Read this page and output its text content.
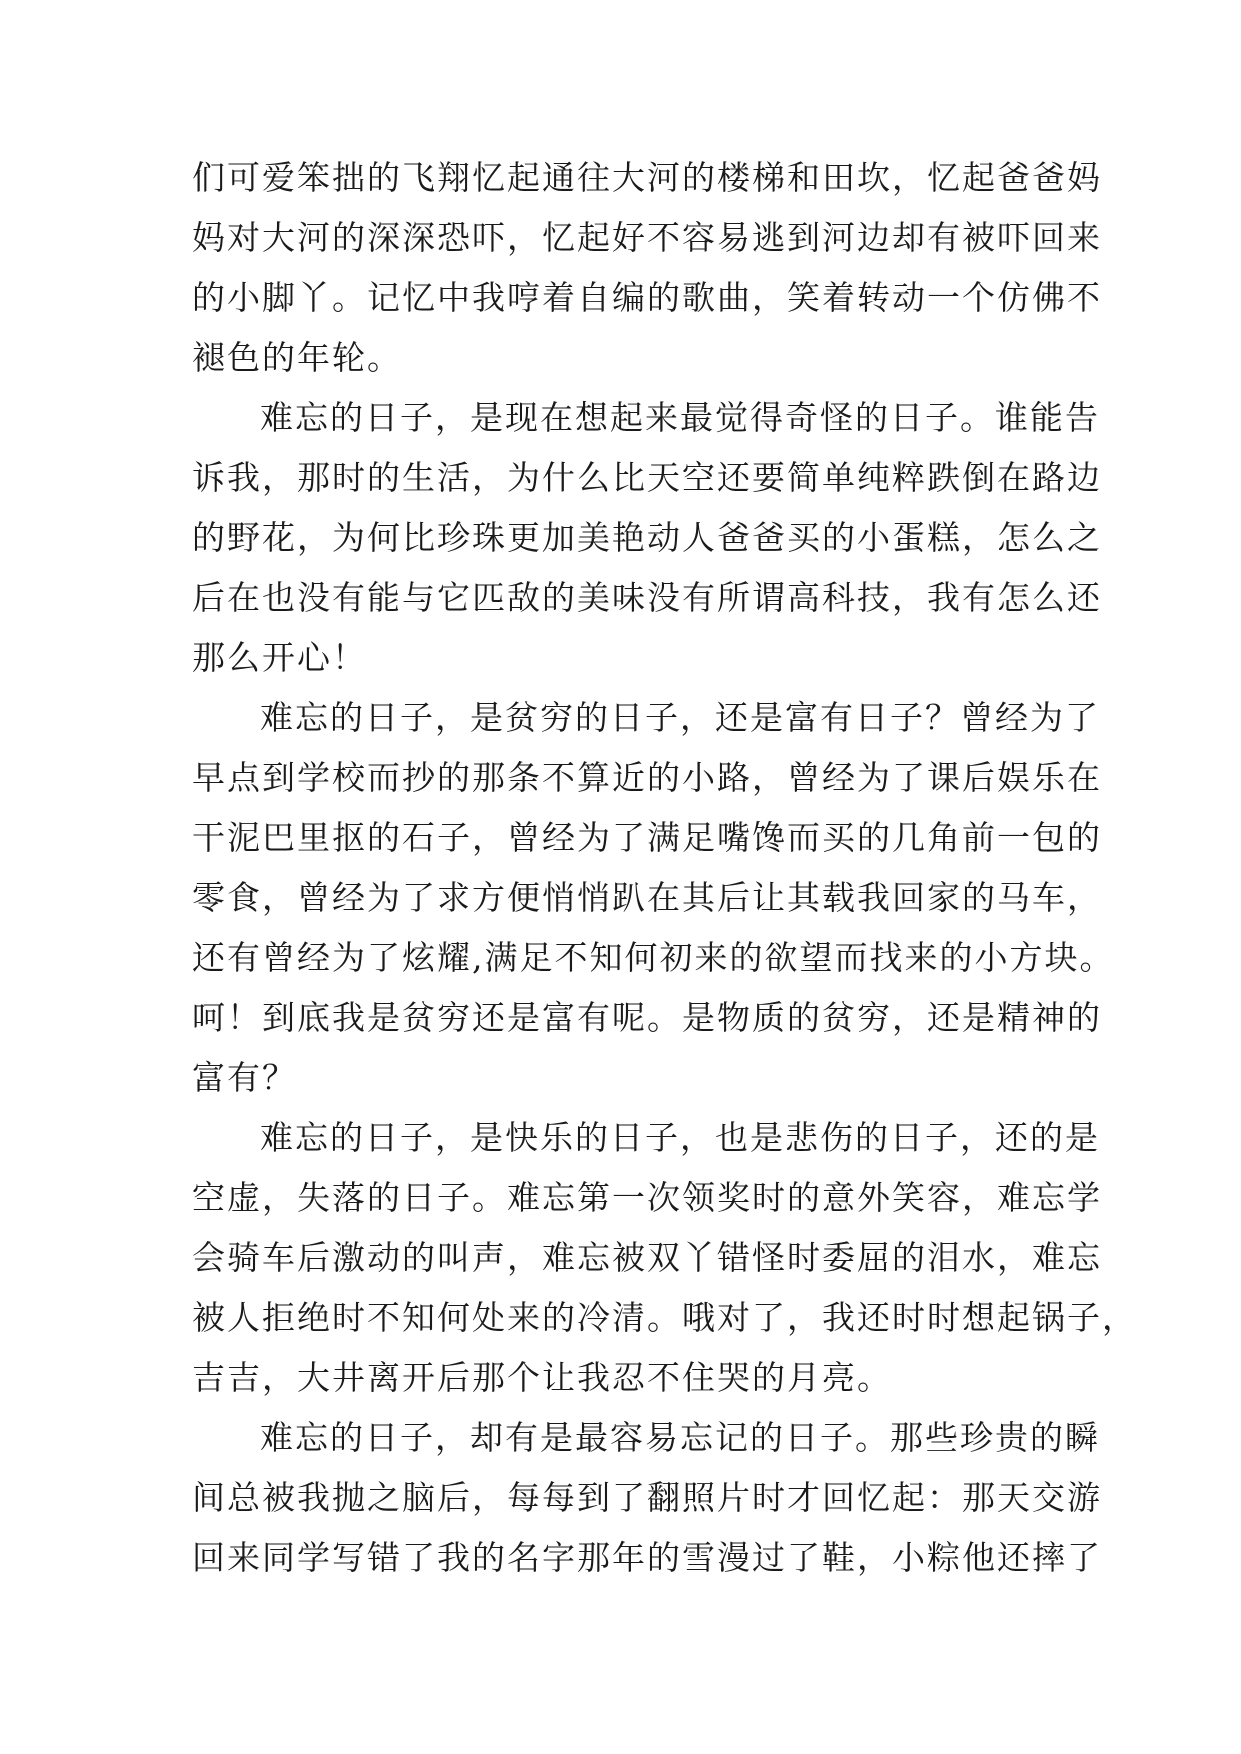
们可爱笨拙的飞翔忆起通往大河的楼梯和田坎，忆起爸爸妈
妈对大河的深深恐吓，忆起好不容易逃到河边却有被吓回来
的小脚丫。记忆中我哼着自编的歌曲，笑着转动一个仿佛不
褪色的年轮。
难忘的日子，是现在想起来最觉得奇怪的日子。谁能告
诉我，那时的生活，为什么比天空还要简单纯粹跌倒在路边
的野花，为何比珍珠更加美艳动人爸爸买的小蛋糕，怎么之
后在也没有能与它匹敌的美味没有所谓高科技，我有怎么还
那么开心！
难忘的日子，是贫穷的日子，还是富有日子？曾经为了
早点到学校而抄的那条不算近的小路，曾经为了课后娱乐在
干泥巴里抠的石子，曾经为了满足嘴馋而买的几角前一包的
零食，曾经为了求方便悄悄趴在其后让其载我回家的马车，
还有曾经为了炫耀,满足不知何初来的欲望而找来的小方块。
呵！到底我是贫穷还是富有呢。是物质的贫穷，还是精神的
富有？
难忘的日子，是快乐的日子，也是悲伤的日子，还的是
空虚，失落的日子。难忘第一次领奖时的意外笑容，难忘学
会骑车后激动的叫声，难忘被双丫错怪时委屈的泪水，难忘
被人拒绝时不知何处来的冷清。哦对了，我还时时想起锅子，
吉吉，大井离开后那个让我忍不住哭的月亮。
难忘的日子，却有是最容易忘记的日子。那些珍贵的瞬
间总被我抛之脑后，每每到了翻照片时才回忆起：那天交游
回来同学写错了我的名字那年的雪漫过了鞋，小粽他还摔了
